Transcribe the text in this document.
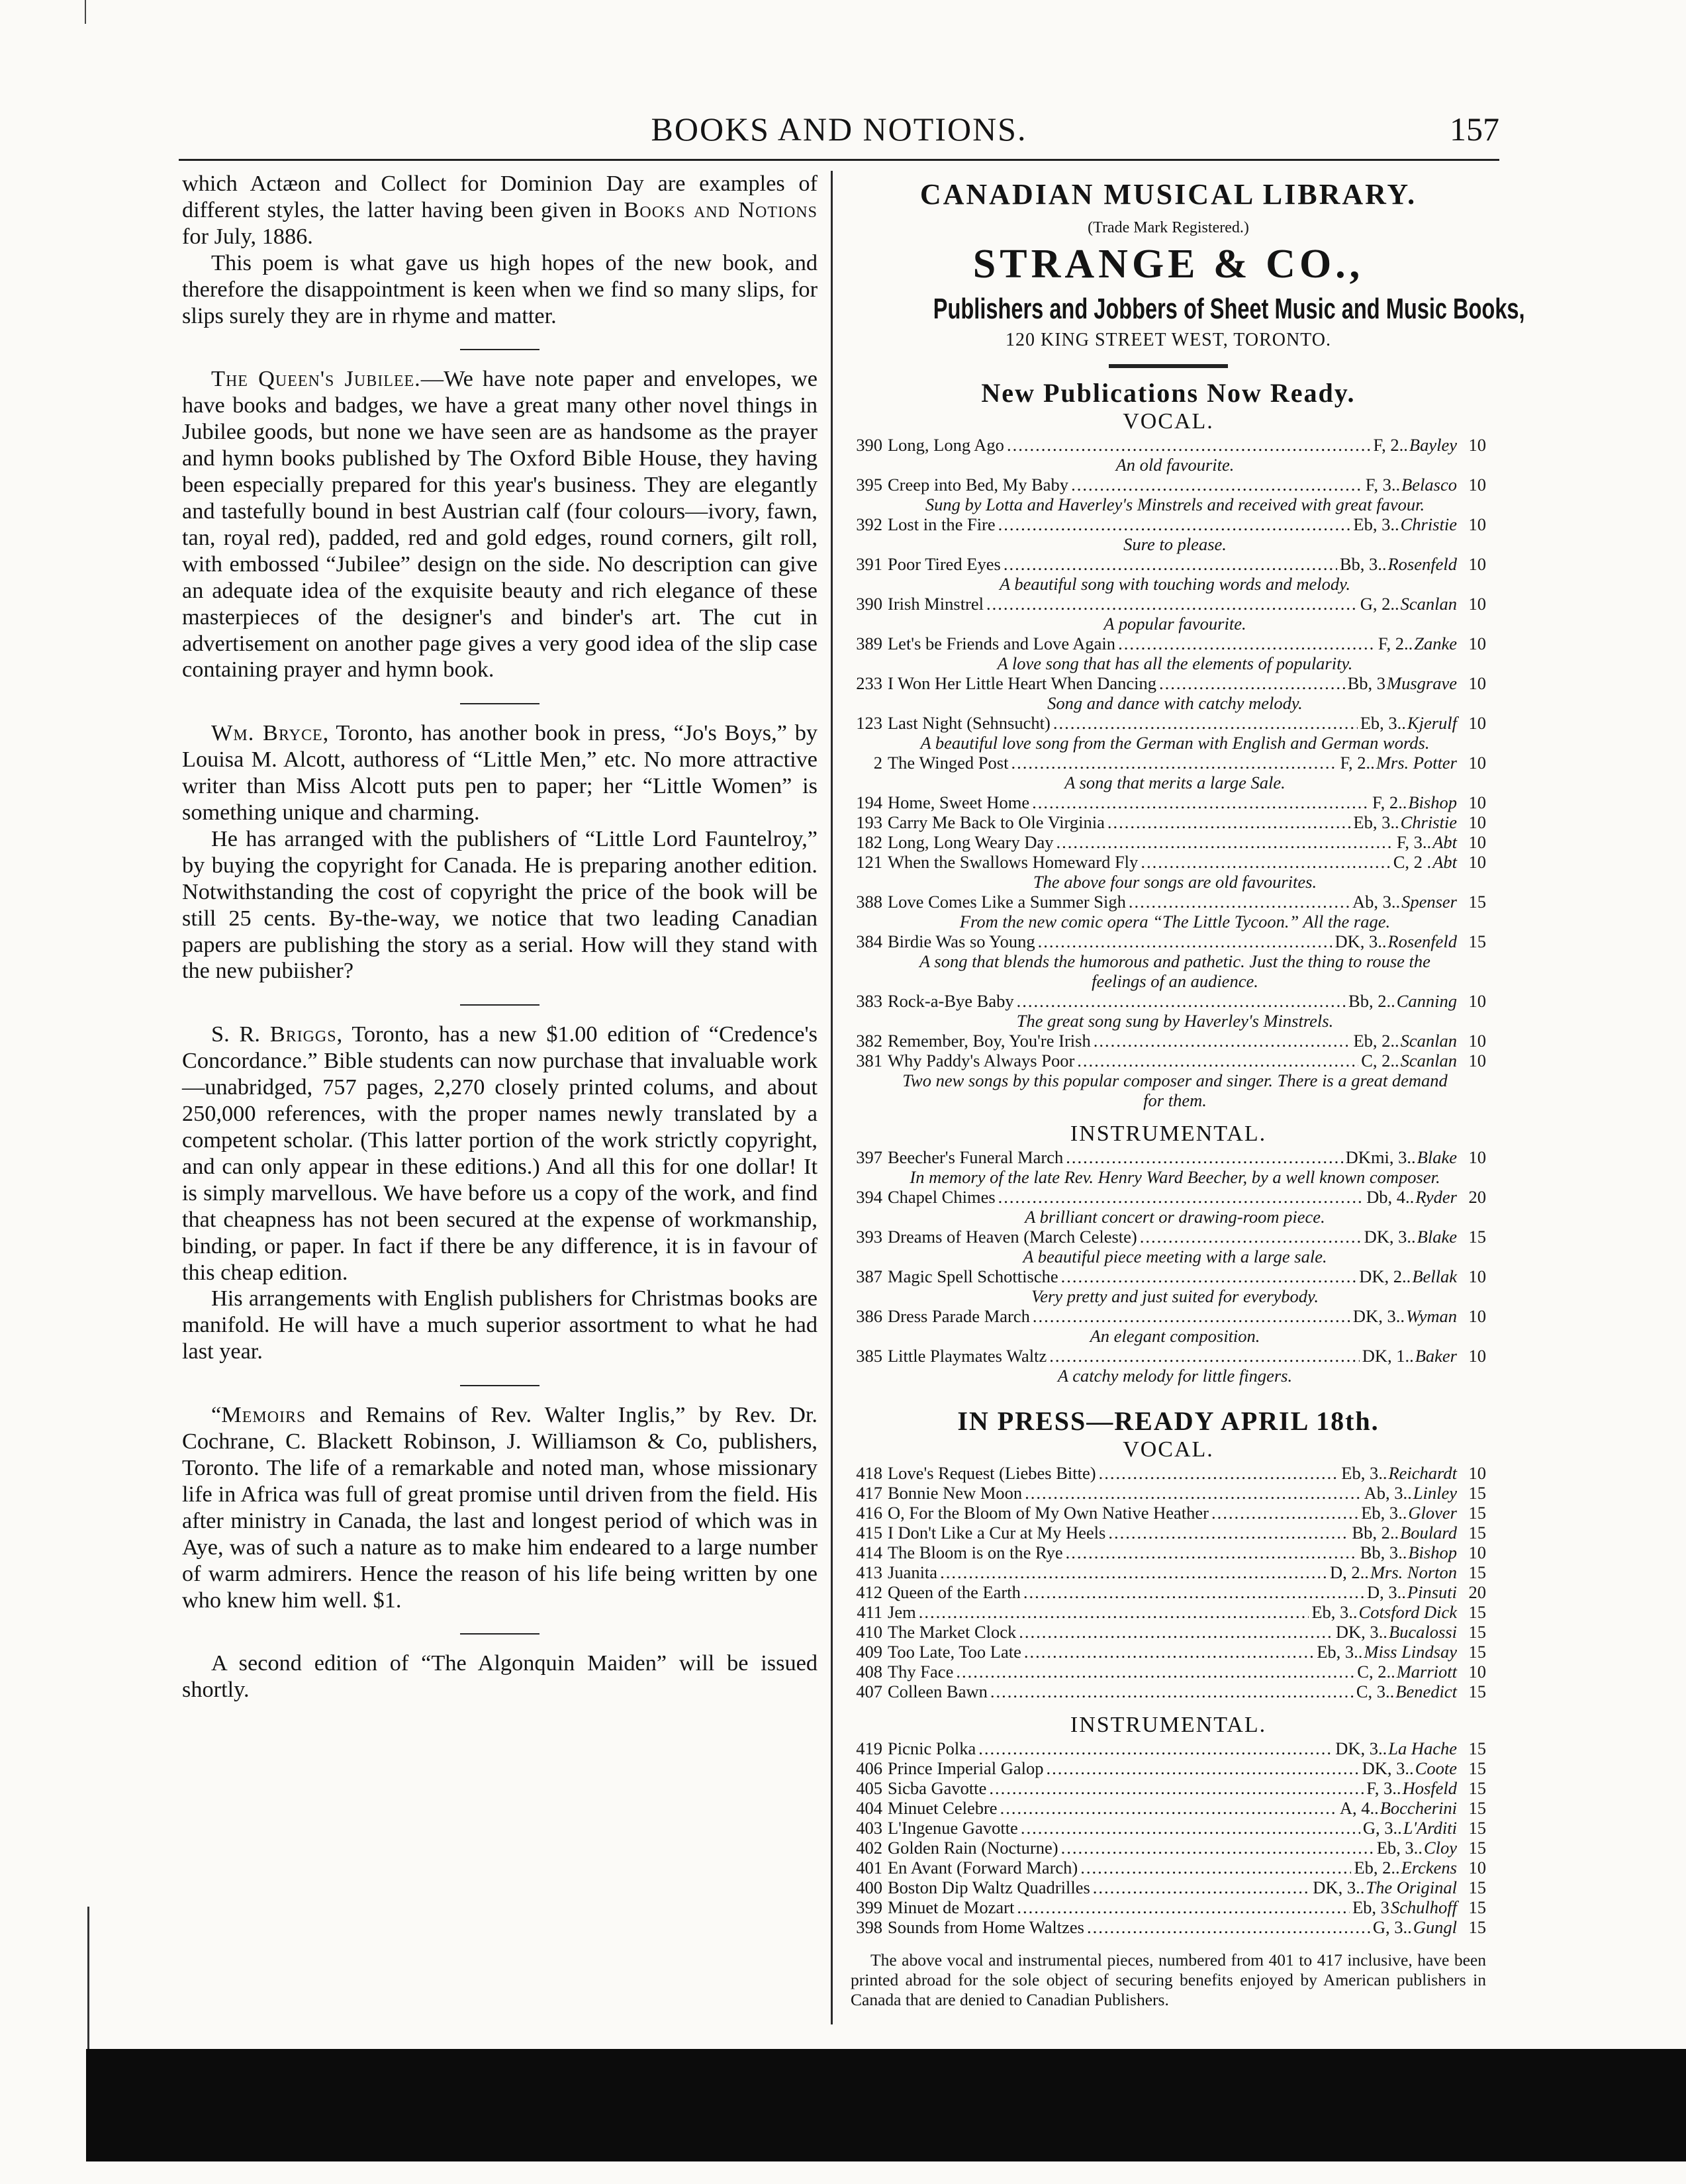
BOOKS AND NOTIONS.	157

which Actæon and Collect for Dominion Day are examples of different styles, the latter having been given in Books and Notions for July, 1886.

This poem is what gave us high hopes of the new book, and therefore the disappointment is keen when we find so many slips, for slips surely they are in rhyme and matter.

The Queen's Jubilee.—We have note paper and envelopes, we have books and badges, we have a great many other novel things in Jubilee goods, but none we have seen are as handsome as the prayer and hymn books published by The Oxford Bible House, they having been especially prepared for this year's business. They are elegantly and tastefully bound in best Austrian calf (four colours—ivory, fawn, tan, royal red), padded, red and gold edges, round corners, gilt roll, with embossed “Jubilee” design on the side. No description can give an adequate idea of the exquisite beauty and rich elegance of these masterpieces of the designer's and binder's art. The cut in advertisement on another page gives a very good idea of the slip case containing prayer and hymn book.

Wm. Bryce, Toronto, has another book in press, “Jo's Boys,” by Louisa M. Alcott, authoress of “Little Men,” etc. No more attractive writer than Miss Alcott puts pen to paper; her “Little Women” is something unique and charming.

He has arranged with the publishers of “Little Lord Fauntelroy,” by buying the copyright for Canada. He is preparing another edition. Notwithstanding the cost of copyright the price of the book will be still 25 cents. By-the-way, we notice that two leading Canadian papers are publishing the story as a serial. How will they stand with the new pubiisher?

S. R. Briggs, Toronto, has a new $1.00 edition of “Credence's Concordance.” Bible students can now purchase that invaluable work—unabridged, 757 pages, 2,270 closely printed colums, and about 250,000 references, with the proper names newly translated by a competent scholar. (This latter portion of the work strictly copyright, and can only appear in these editions.) And all this for one dollar! It is simply marvellous. We have before us a copy of the work, and find that cheapness has not been secured at the expense of workmanship, binding, or paper. In fact if there be any difference, it is in favour of this cheap edition.

His arrangements with English publishers for Christmas books are manifold. He will have a much superior assortment to what he had last year.

“Memoirs and Remains of Rev. Walter Inglis,” by Rev. Dr. Cochrane, C. Blackett Robinson, J. Williamson & Co, publishers, Toronto. The life of a remarkable and noted man, whose missionary life in Africa was full of great promise until driven from the field. His after ministry in Canada, the last and longest period of which was in Aye, was of such a nature as to make him endeared to a large number of warm admirers. Hence the reason of his life being written by one who knew him well. $1.

A second edition of “The Algonquin Maiden” will be issued shortly.

CANADIAN MUSICAL LIBRARY.
(Trade Mark Registered.)
STRANGE & CO.,
Publishers and Jobbers of Sheet Music and Music Books,
120 KING STREET WEST, TORONTO.
New Publications Now Ready.
VOCAL.
390 Long, Long Ago .....	F, 2.. Bayley 10
An old favourite.
395 Creep into Bed, My Baby .....	F, 3.. Belasco 10
Sung by Lotta and Haverley's Minstrels and received with great favour.
392 Lost in the Fire .....	Eb, 3.. Christie 10
Sure to please.
391 Poor Tired Eyes .....	Bb, 3.. Rosenfeld 10
A beautiful song with touching words and melody.
390 Irish Minstrel .....	G, 2.. Scanlan 10
A popular favourite.
389 Let's be Friends and Love Again .....	F, 2.. Zanke 10
A love song that has all the elements of popularity.
233 I Won Her Little Heart When Dancing .....	Bb, 3 Musgrave 10
Song and dance with catchy melody.
123 Last Night (Sehnsucht) .....	Eb, 3.. Kjerulf 10
A beautiful love song from the German with English and German words.
2 The Winged Post .....	F, 2.. Mrs. Potter 10
A song that merits a large Sale.
194 Home, Sweet Home .....	F, 2.. Bishop 10
193 Carry Me Back to Ole Virginia .....	Eb, 3.. Christie 10
182 Long, Long Weary Day .....	F, 3.. Abt 10
121 When the Swallows Homeward Fly .....	C, 2 . Abt 10
The above four songs are old favourites.
388 Love Comes Like a Summer Sigh .....	Ab, 3.. Spenser 15
From the new comic opera “The Little Tycoon.” All the rage.
384 Birdie Was so Young .....	DK, 3.. Rosenfeld 15
A song that blends the humorous and pathetic. Just the thing to rouse the feelings of an audience.
383 Rock-a-Bye Baby .....	Bb, 2.. Canning 10
The great song sung by Haverley's Minstrels.
382 Remember, Boy, You're Irish .....	Eb, 2.. Scanlan 10
381 Why Paddy's Always Poor .....	C, 2.. Scanlan 10
Two new songs by this popular composer and singer. There is a great demand for them.
INSTRUMENTAL.
397 Beecher's Funeral March .....	DKmi, 3.. Blake 10
In memory of the late Rev. Henry Ward Beecher, by a well known composer.
394 Chapel Chimes .....	Db, 4.. Ryder 20
A brilliant concert or drawing-room piece.
393 Dreams of Heaven (March Celeste) .....	DK, 3.. Blake 15
A beautiful piece meeting with a large sale.
387 Magic Spell Schottische .....	DK, 2.. Bellak 10
Very pretty and just suited for everybody.
386 Dress Parade March .....	DK, 3.. Wyman 10
An elegant composition.
385 Little Playmates Waltz .....	DK, 1.. Baker 10
A catchy melody for little fingers.
IN PRESS—READY APRIL 18th.
VOCAL.
418 Love's Request (Liebes Bitte) .....	Eb, 3.. Reichardt 10
417 Bonnie New Moon .....	Ab, 3.. Linley 15
416 O, For the Bloom of My Own Native Heather .....	Eb, 3.. Glover 15
415 I Don't Like a Cur at My Heels .....	Bb, 2.. Boulard 15
414 The Bloom is on the Rye .....	Bb, 3.. Bishop 10
413 Juanita .....	D, 2.. Mrs. Norton 15
412 Queen of the Earth .....	D, 3.. Pinsuti 20
411 Jem .....	Eb, 3.. Cotsford Dick 15
410 The Market Clock .....	DK, 3.. Bucalossi 15
409 Too Late, Too Late .....	Eb, 3.. Miss Lindsay 15
408 Thy Face .....	C, 2.. Marriott 10
407 Colleen Bawn .....	C, 3.. Benedict 15
INSTRUMENTAL.
419 Picnic Polka .....	DK, 3.. La Hache 15
406 Prince Imperial Galop .....	DK, 3.. Coote 15
405 Sicba Gavotte .....	F, 3.. Hosfeld 15
404 Minuet Celebre .....	A, 4.. Boccherini 15
403 L'Ingenue Gavotte .....	G, 3.. L'Arditi 15
402 Golden Rain (Nocturne) .....	Eb, 3.. Cloy 15
401 En Avant (Forward March) .....	Eb, 2.. Erckens 10
400 Boston Dip Waltz Quadrilles .....	DK, 3.. The Original 15
399 Minuet de Mozart .....	Eb, 3 Schulhoff 15
398 Sounds from Home Waltzes .....	G, 3.. Gungl 15
The above vocal and instrumental pieces, numbered from 401 to 417 inclusive, have been printed abroad for the sole object of securing benefits enjoyed by American publishers in Canada that are denied to Canadian Publishers.
